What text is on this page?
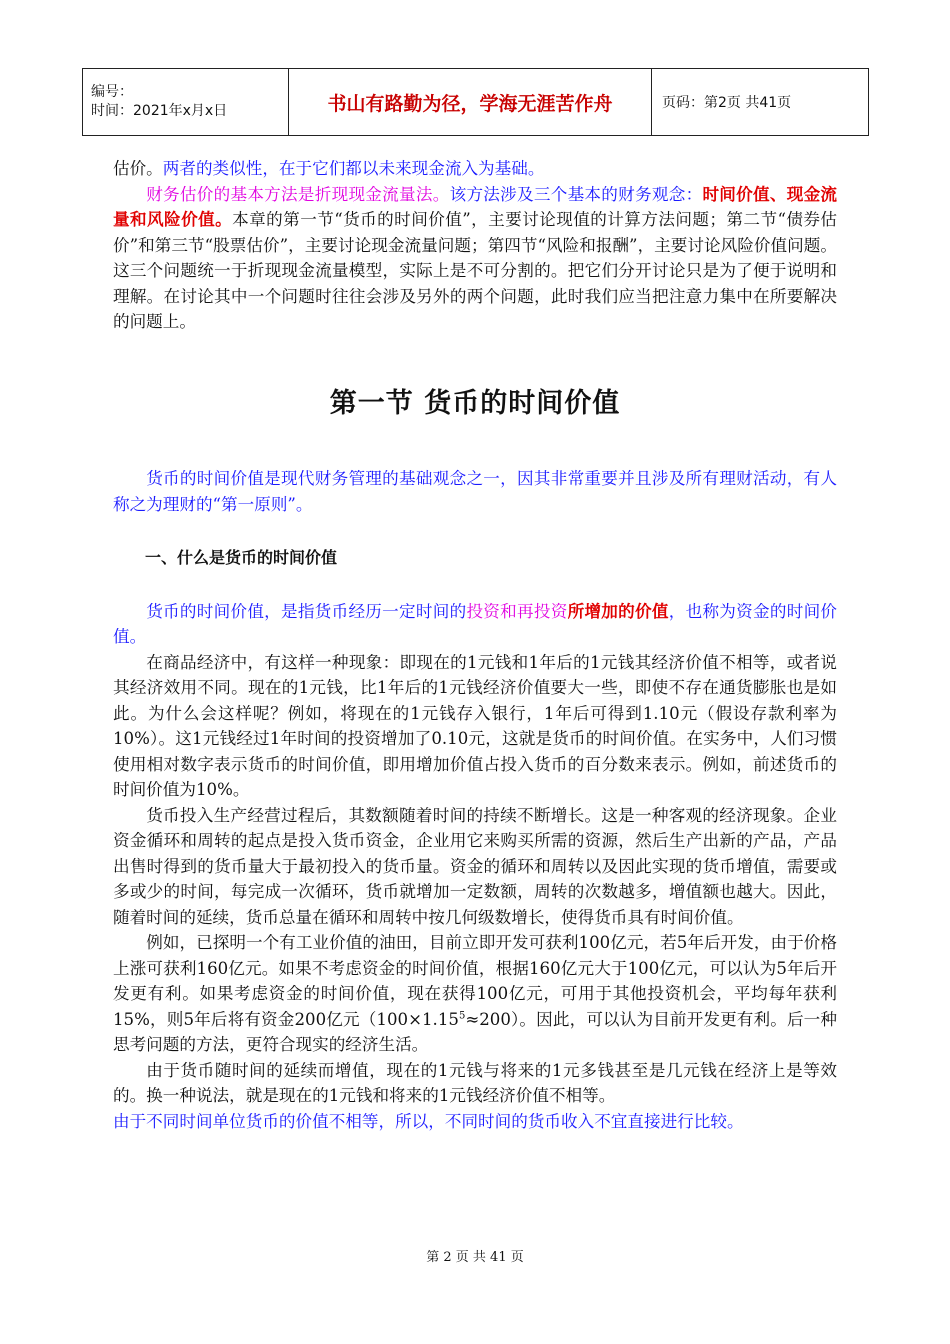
编号：
时间：2021年x月x日	书山有路勤为径，学海无涯苦作舟	页码：第2页 共41页

估价。两者的类似性，在于它们都以未来现金流入为基础。

财务估价的基本方法是折现现金流量法。该方法涉及三个基本的财务观念：时间价值、现金流量和风险价值。本章的第一节“货币的时间价值”，主要讨论现值的计算方法问题；第二节“债券估价”和第三节“股票估价”，主要讨论现金流量问题；第四节“风险和报酬”，主要讨论风险价值问题。这三个问题统一于折现现金流量模型，实际上是不可分割的。把它们分开讨论只是为了便于说明和理解。在讨论其中一个问题时往往会涉及另外的两个问题，此时我们应当把注意力集中在所要解决的问题上。

第一节 货币的时间价值

货币的时间价值是现代财务管理的基础观念之一，因其非常重要并且涉及所有理财活动，有人称之为理财的“第一原则”。

一、什么是货币的时间价值

货币的时间价值，是指货币经历一定时间的投资和再投资所增加的价值，也称为资金的时间价值。

在商品经济中，有这样一种现象：即现在的1元钱和1年后的1元钱其经济价值不相等，或者说其经济效用不同。现在的1元钱，比1年后的1元钱经济价值要大一些，即使不存在通货膨胀也是如此。为什么会这样呢？例如，将现在的1元钱存入银行，1年后可得到1.10元（假设存款利率为10%）。这1元钱经过1年时间的投资增加了0.10元，这就是货币的时间价值。在实务中，人们习惯使用相对数字表示货币的时间价值，即用增加价值占投入货币的百分数来表示。例如，前述货币的时间价值为10%。

货币投入生产经营过程后，其数额随着时间的持续不断增长。这是一种客观的经济现象。企业资金循环和周转的起点是投入货币资金，企业用它来购买所需的资源，然后生产出新的产品，产品出售时得到的货币量大于最初投入的货币量。资金的循环和周转以及因此实现的货币增值，需要或多或少的时间，每完成一次循环，货币就增加一定数额，周转的次数越多，增值额也越大。因此，随着时间的延续，货币总量在循环和周转中按几何级数增长，使得货币具有时间价值。

例如，已探明一个有工业价值的油田，目前立即开发可获利100亿元，若5年后开发，由于价格上涨可获利160亿元。如果不考虑资金的时间价值，根据160亿元大于100亿元，可以认为5年后开发更有利。如果考虑资金的时间价值，现在获得100亿元，可用于其他投资机会，平均每年获利15%，则5年后将有资金200亿元$(100\times 1.15^5\approx 200)$。因此，可以认为目前开发更有利。后一种思考问题的方法，更符合现实的经济生活。

由于货币随时间的延续而增值，现在的1元钱与将来的1元多钱甚至是几元钱在经济上是等效的。换一种说法，就是现在的1元钱和将来的1元钱经济价值不相等。

由于不同时间单位货币的价值不相等，所以，不同时间的货币收入不宜直接进行比较。

第 2 页 共 41 页
